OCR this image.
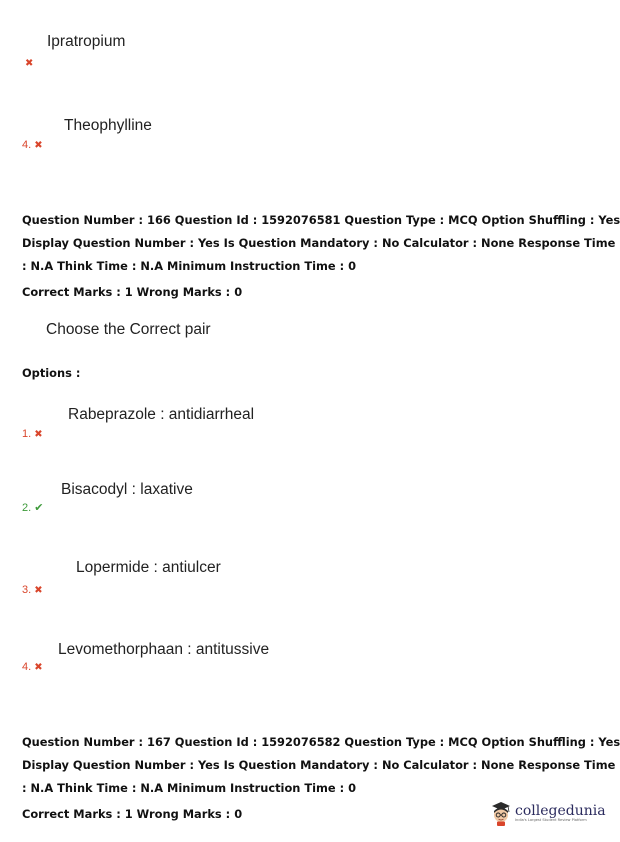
Ipratropium
✖
Theophylline
4. ✖
Question Number : 166 Question Id : 1592076581 Question Type : MCQ Option Shuffling : Yes
Display Question Number : Yes Is Question Mandatory : No Calculator : None Response Time
: N.A Think Time : N.A Minimum Instruction Time : 0
Correct Marks : 1 Wrong Marks : 0
Choose the Correct pair
Options :
Rabeprazole : antidiarrheal
1. ✖
Bisacodyl : laxative
2. ✔
Lopermide : antiulcer
3. ✖
Levomethorphaan : antitussive
4. ✖
Question Number : 167 Question Id : 1592076582 Question Type : MCQ Option Shuffling : Yes
Display Question Number : Yes Is Question Mandatory : No Calculator : None Response Time
: N.A Think Time : N.A Minimum Instruction Time : 0
Correct Marks : 1 Wrong Marks : 0	collegedunia
India's Largest Student Review Platform
